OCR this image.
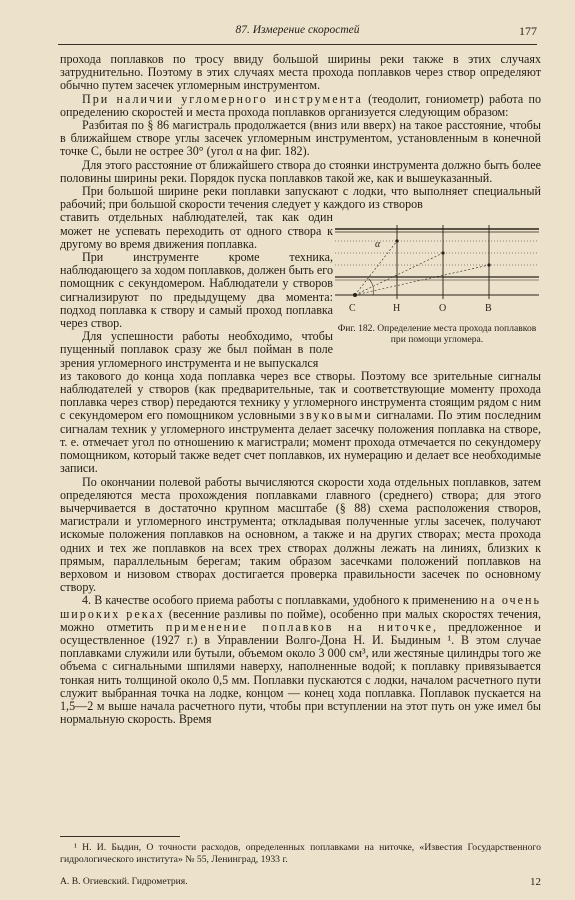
87. Измерение скоростей	177

прохода поплавков по тросу ввиду большой ширины реки также в этих случаях затруднительно. Поэтому в этих случаях места прохода поплавков через створ определяют обычно путем засечек угломерным инструментом.

При наличии угломерного инструмента (теодолит, гониометр) работа по определению скоростей и места прохода поплавков организуется следующим образом:

Разбитая по § 86 магистраль продолжается (вниз или вверх) на такое расстояние, чтобы в ближайшем створе углы засечек угломерным инструментом, установленным в конечной точке C, были не острее 30° (угол α на фиг. 182).

Для этого расстояние от ближайшего створа до стоянки инструмента должно быть более половины ширины реки. Порядок пуска поплавков такой же, как и вышеуказанный.

При большой ширине реки поплавки запускают с лодки, что выполняет специальный рабочий; при большой скорости течения следует у каждого из створов

ставить отдельных наблюдателей, так как один может не успевать переходить от одного створа к другому во время движения поплавка.

При инструменте кроме техника, наблюдающего за ходом поплавков, должен быть его помощник с секундомером. Наблюдатели у створов сигнализируют по предыдущему два момента: подход поплавка к створу и самый проход поплавка через створ.

Для успешности работы необходимо, чтобы пущенный поплавок сразу же был пойман в поле зрения угломерного инструмента и не выпускался

α
C	H	О	В
Фиг. 182. Определение места прохода поплавков при помощи угломера.

из такового до конца хода поплавка через все створы. Поэтому все зрительные сигналы наблюдателей у створов (как предварительные, так и соответствующие моменту прохода поплавка через створ) передаются технику у угломерного инструмента стоящим рядом с ним с секундомером его помощником условными звуковыми сигналами. По этим последним сигналам техник у угломерного инструмента делает засечку положения поплавка на створе, т. е. отмечает угол по отношению к магистрали; момент прохода отмечается по секундомеру помощником, который также ведет счет поплавков, их нумерацию и делает все необходимые записи.

По окончании полевой работы вычисляются скорости хода отдельных поплавков, затем определяются места прохождения поплавками главного (среднего) створа; для этого вычерчивается в достаточно крупном масштабе (§ 88) схема расположения створов, магистрали и угломерного инструмента; откладывая полученные углы засечек, получают искомые положения поплавков на основном, а также и на других створах; места прохода одних и тех же поплавков на всех трех створах должны лежать на линиях, близких к прямым, параллельным берегам; таким образом засечками положений поплавков на верховом и низовом створах достигается проверка правильности засечек по основному створу.

4. В качестве особого приема работы с поплавками, удобного к применению на очень широких реках (весенние разливы по пойме), особенно при малых скоростях течения, можно отметить применение поплавков на ниточке, предложенное и осуществленное (1927 г.) в Управлении Волго-Дона Н. И. Быдиным ¹. В этом случае поплавками служили или бутыли, объемом около 3 000 см³, или жестяные цилиндры того же объема с сигнальными шпилями наверху, наполненные водой; к поплавку привязывается тонкая нить толщиной около 0,5 мм. Поплавки пускаются с лодки, началом расчетного пути служит выбранная точка на лодке, концом — конец хода поплавка. Поплавок пускается на 1,5—2 м выше начала расчетного пути, чтобы при вступлении на этот путь он уже имел бы нормальную скорость. Время

¹ Н. И. Быдин, О точности расходов, определенных поплавками на ниточке, «Известия Государственного гидрологического института» № 55, Ленинград, 1933 г.
А. В. Огиевский. Гидрометрия.	12
